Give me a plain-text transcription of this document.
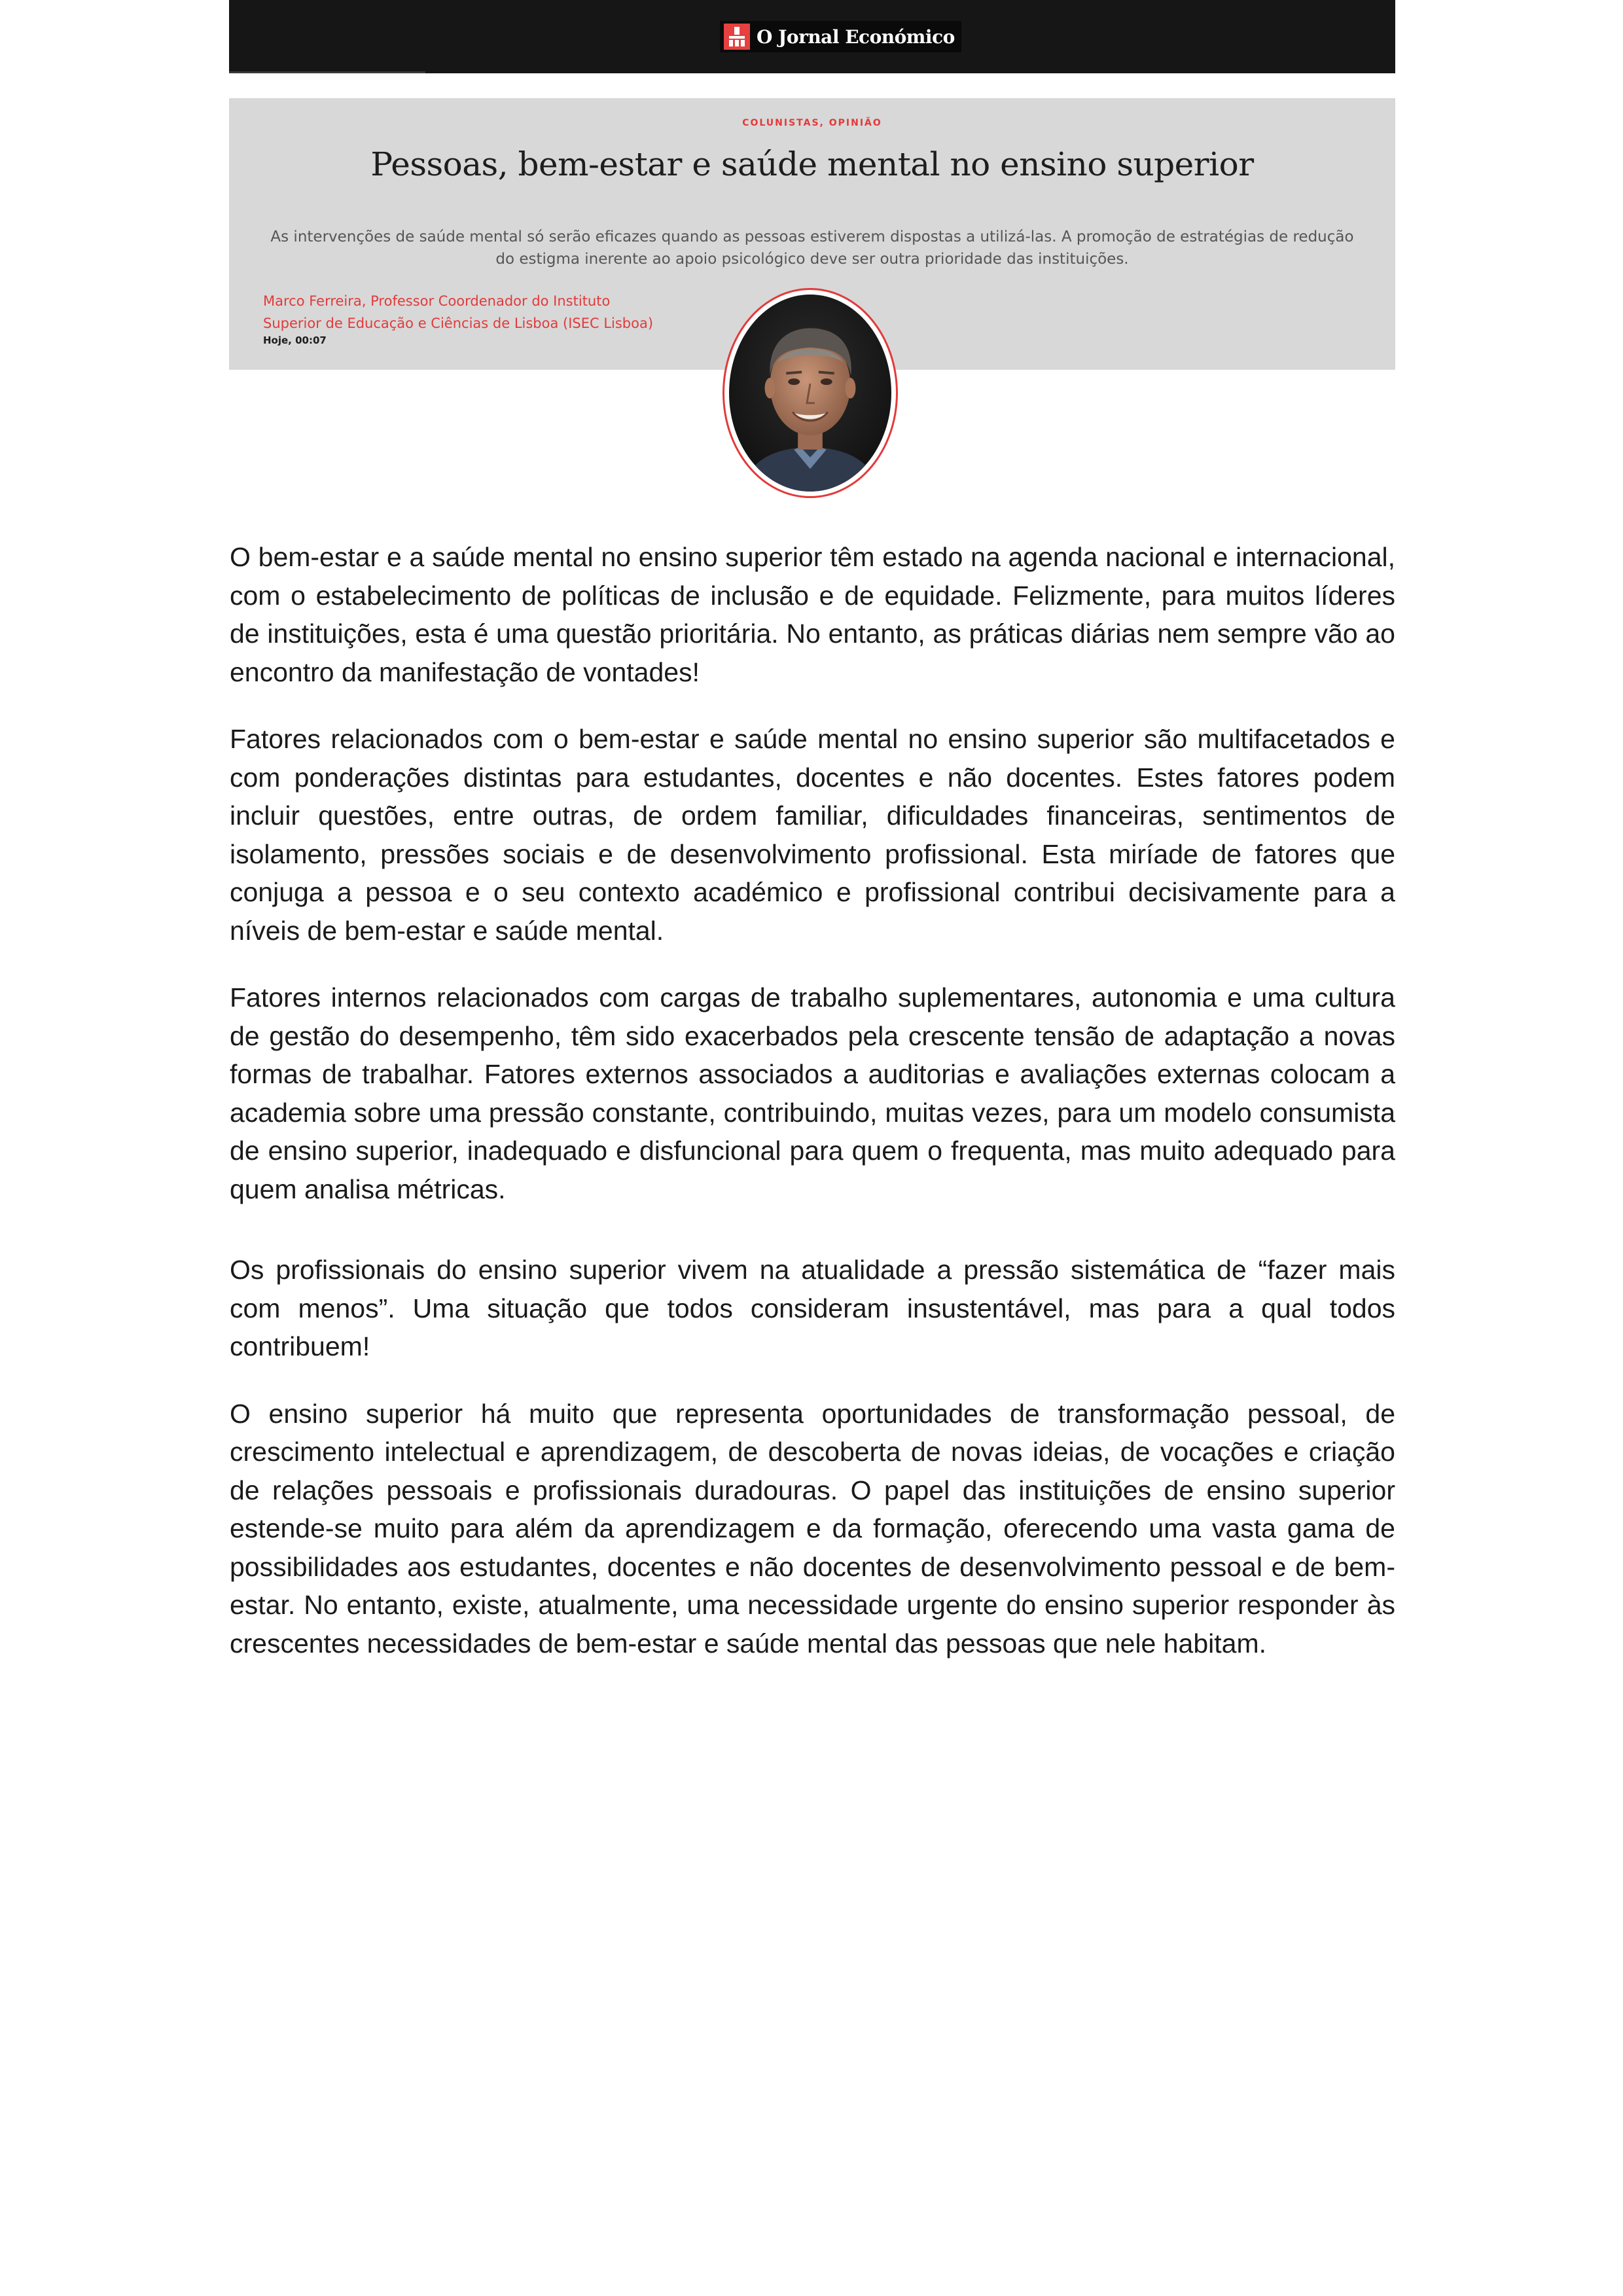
O Jornal Económico
COLUNISTAS, OPINIÃO
Pessoas, bem-estar e saúde mental no ensino superior
As intervenções de saúde mental só serão eficazes quando as pessoas estiverem dispostas a utilizá-las. A promoção de estratégias de redução do estigma inerente ao apoio psicológico deve ser outra prioridade das instituições.
Marco Ferreira, Professor Coordenador do Instituto
Superior de Educação e Ciências de Lisboa (ISEC Lisboa)
Hoje, 00:07

O bem-estar e a saúde mental no ensino superior têm estado na agenda nacional e internacional, com o estabelecimento de políticas de inclusão e de equidade. Felizmente, para muitos líderes de instituições, esta é uma questão prioritária. No entanto, as práticas diárias nem sempre vão ao encontro da manifestação de vontades!

Fatores relacionados com o bem-estar e saúde mental no ensino superior são multifacetados e com ponderações distintas para estudantes, docentes e não docentes. Estes fatores podem incluir questões, entre outras, de ordem familiar, dificuldades financeiras, sentimentos de isolamento, pressões sociais e de desenvolvimento profissional. Esta miríade de fatores que conjuga a pessoa e o seu contexto académico e profissional contribui decisivamente para a níveis de bem-estar e saúde mental.

Fatores internos relacionados com cargas de trabalho suplementares, autonomia e uma cultura de gestão do desempenho, têm sido exacerbados pela crescente tensão de adaptação a novas formas de trabalhar. Fatores externos associados a auditorias e avaliações externas colocam a academia sobre uma pressão constante, contribuindo, muitas vezes, para um modelo consumista de ensino superior, inadequado e disfuncional para quem o frequenta, mas muito adequado para quem analisa métricas.

Os profissionais do ensino superior vivem na atualidade a pressão sistemática de “fazer mais com menos”. Uma situação que todos consideram insustentável, mas para a qual todos contribuem!

O ensino superior há muito que representa oportunidades de transformação pessoal, de crescimento intelectual e aprendizagem, de descoberta de novas ideias, de vocações e criação de relações pessoais e profissionais duradouras. O papel das instituições de ensino superior estende-se muito para além da aprendizagem e da formação, oferecendo uma vasta gama de possibilidades aos estudantes, docentes e não docentes de desenvolvimento pessoal e de bem-estar. No entanto, existe, atualmente, uma necessidade urgente do ensino superior responder às crescentes necessidades de bem-estar e saúde mental das pessoas que nele habitam.
